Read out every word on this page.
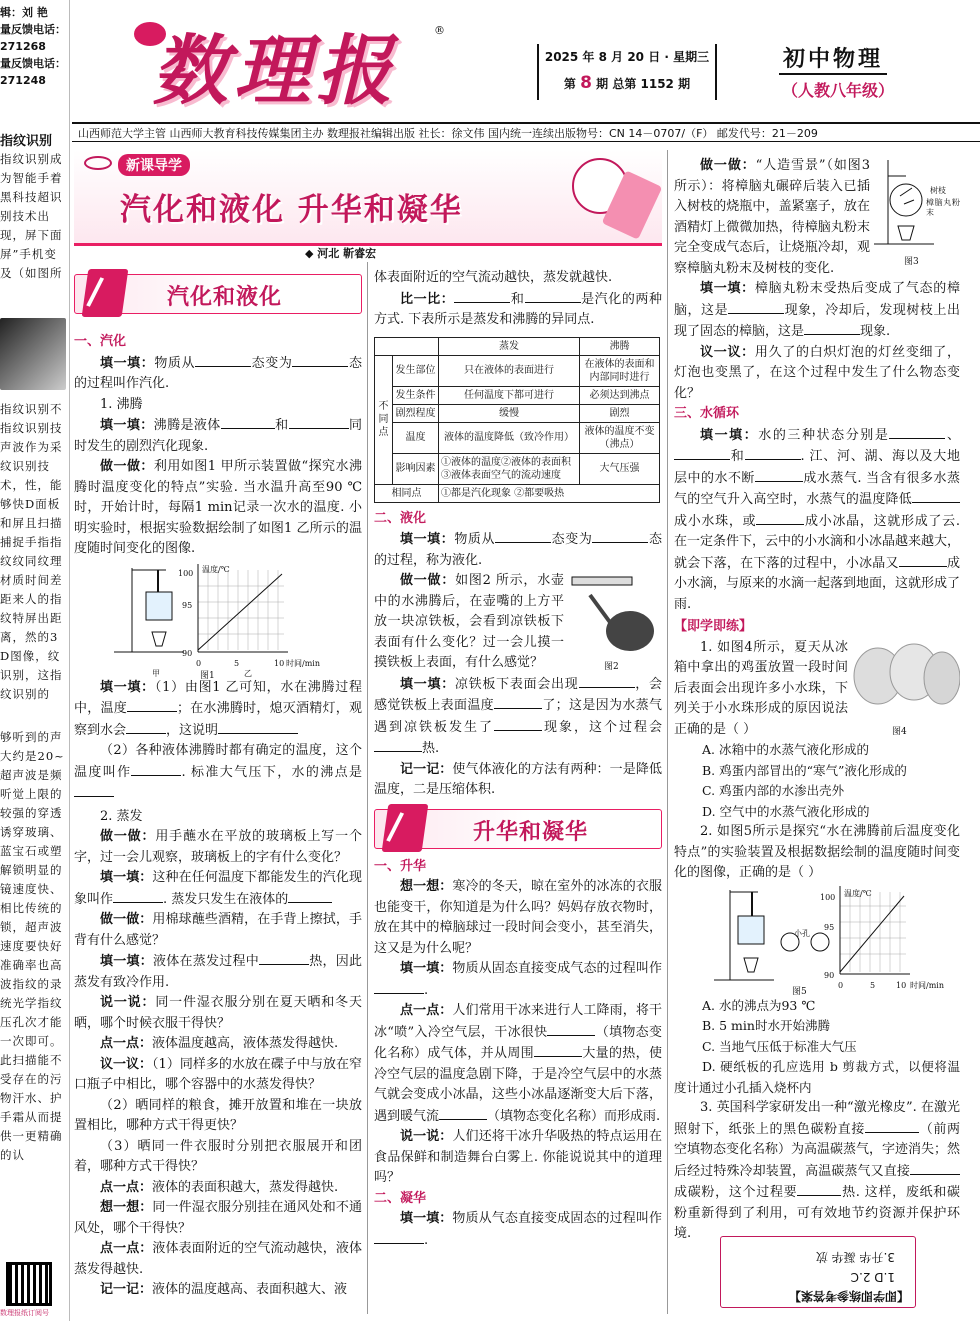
辑：刘 艳
量反馈电话：
271268
量反馈电话：
271248
指纹识别
指纹识别成为智能手着黑科技超识别技术出现，屏下面屏”手机变及（如图所
指纹识别不指纹识别技声波作为采纹识别技术，性，能够快D面板和屏且扫描捕捉手指指纹纹同纹理材质时间差距来人的指纹特屏出距离，然的3D图像，纹识别，这指纹识别的
够听到的声大约是20~超声波是频听觉上限的较强的穿透诱穿玻璃、蓝宝石或塑解锁明显的镜速度快、相比传统的锁，超声波速度要快好准确率也高波指纹的录统光学指纹压孔次才能一次即可。此扫描能不受存在的污物汗水、护手霜从而提供一更精确的认
数理报纸订阅号
数理报	®
2025 年 8 月 20 日 · 星期三
第 8 期 总第 1152 期
初中物理
（人教八年级）
山西师范大学主管 山西师大教育科技传媒集团主办 数理报社编辑出版 社长：徐文伟 国内统一连续出版物号：CN 14－0707/（F） 邮发代号：21－209
新课导学
汽化和液化 升华和凝华
◆ 河北 靳睿宏
汽化和液化
一、汽化

填一填：物质从	态变为	态的过程叫作汽化.

1. 沸腾

填一填：沸腾是液体	和	同时发生的剧烈汽化现象.

做一做：利用如图1 甲所示装置做“探究水沸腾时温度变化的特点”实验. 当水温升高至90 ℃ 时，开始计时，每隔1 min记录一次水的温度. 小明实验时，根据实验数据绘制了如图1 乙所示的温度随时间变化的图像.

温度/℃
100
95
90
0	5	10 时间/min
甲	乙
图1

填一填：（1）由图1 乙可知，水在沸腾过程中，温度	；在水沸腾时，熄灭酒精灯，观察到水会	，这说明

（2）各种液体沸腾时都有确定的温度，这个温度叫作	. 标准大气压下，水的沸点是

2. 蒸发

做一做：用手蘸水在平放的玻璃板上写一个字，过一会儿观察，玻璃板上的字有什么变化？

填一填：这种在任何温度下都能发生的汽化现象叫作	. 蒸发只发生在液体的

做一做：用棉球蘸些酒精，在手背上擦拭，手背有什么感觉？

填一填：液体在蒸发过程中	热，因此蒸发有致冷作用.

说一说：同一件湿衣服分别在夏天晒和冬天晒，哪个时候衣服干得快？

点一点：液体温度越高，液体蒸发得越快.

议一议：（1）同样多的水放在碟子中与放在窄口瓶子中相比，哪个容器中的水蒸发得快？

（2）晒同样的粮食，摊开放置和堆在一块放置相比，哪种方式干得更快？

（3）晒同一件衣服时分别把衣服展开和团着，哪种方式干得快？

点一点：液体的表面积越大，蒸发得越快.

想一想：同一件湿衣服分别挂在通风处和不通风处，哪个干得快？

点一点：液体表面附近的空气流动越快，液体蒸发得越快.

记一记：液体的温度越高、表面积越大、液

体表面附近的空气流动越快，蒸发就越快.

比一比：	和	是汽化的两种方式. 下表所示是蒸发和沸腾的异同点.

		蒸发	沸腾
不同点	发生部位	只在液体的表面进行	在液体的表面和内部同时进行
	发生条件	任何温度下都可进行	必须达到沸点
	剧烈程度	缓慢	剧烈
	温度	液体的温度降低（致冷作用）	液体的温度不变（沸点）
	影响因素	①液体的温度②液体的表面积③液体表面空气的流动速度	大气压强
相同点		①都是汽化现象 ②都要吸热	
二、液化

填一填：物质从	态变为	态的过程，称为液化.

图2

做一做：如图2 所示，水壶中的水沸腾后，在壶嘴的上方平放一块凉铁板，会看到凉铁板下表面有什么变化？过一会儿摸一摸铁板上表面，有什么感觉？

填一填：凉铁板下表面会出现	，会感觉铁板上表面温度	了；这是因为水蒸气遇到凉铁板发生了	现象，这个过程会热.

记一记：使气体液化的方法有两种：一是降低温度，二是压缩体积.

升华和凝华
一、升华

想一想：寒冷的冬天，晾在室外的冰冻的衣服也能变干，你知道是为什么吗？妈妈存放衣物时，放在其中的樟脑球过一段时间会变小，甚至消失，这又是为什么呢？

填一填：物质从固态直接变成气态的过程叫作.

点一点：人们常用干冰来进行人工降雨，将干冰“喷”入冷空气层，干冰很快	（填物态变化名称）成气体，并从周围	大量的热，使冷空气层的温度急剧下降，于是冷空气层中的水蒸气就会变成小冰晶，这些小冰晶逐渐变大后下落，遇到暖气流	（填物态变化名称）而形成雨.

说一说：人们还将干冰升华吸热的特点运用在食品保鲜和制造舞台白雾上. 你能说说其中的道理吗？

二、凝华

填一填：物质从气态直接变成固态的过程叫作.

树枝
樟脑丸粉末
图3

做一做：“人造雪景”（如图3所示）：将樟脑丸碾碎后装入已插入树枝的烧瓶中，盖紧塞子，放在酒精灯上微微加热，待樟脑丸粉末完全变成气态后，让烧瓶冷却，观察樟脑丸粉末及树枝的变化.

填一填：樟脑丸粉末受热后变成了气态的樟脑，这是	现象，冷却后，发现树枝上出现了固态的樟脑，这是	现象.

议一议：用久了的白炽灯泡的灯丝变细了，灯泡也变黑了，在这个过程中发生了什么物态变化？

三、水循环

填一填：水的三种状态分别是	、和	. 江、河、湖、海以及大地层中的水不断	成水蒸气. 当含有很多水蒸气的空气升入高空时，水蒸气的温度降低成小水珠，或	成小冰晶，这就形成了云. 在一定条件下，云中的小水滴和小冰晶越来越大，就会下落，在下落的过程中，小冰晶又	成小水滴，与原来的水滴一起落到地面，这就形成了雨.

【即学即练】
图4

1. 如图4所示，夏天从冰箱中拿出的鸡蛋放置一段时间后表面会出现许多小水珠，下列关于小水珠形成的原因说法正确的是（ ）

A. 冰箱中的水蒸气液化形成的
B. 鸡蛋内部冒出的“寒气”液化形成的
C. 鸡蛋内部的水渗出壳外
D. 空气中的水蒸气液化形成的

2. 如图5所示是探究“水在沸腾前后温度变化特点”的实验装置及根据数据绘制的温度随时间变化的图像，正确的是（ ）

小孔
温度/℃
100
95
90
0	5	10 时间/min
图5
A. 水的沸点为93 ℃
B. 5 min时水开始沸腾
C. 当地气压低于标准大气压
D. 硬纸板的孔应选用 b 剪裁方式，以便将温度计通过小孔插入烧杯内

3. 英国科学家研发出一种“激光橡皮”. 在激光照射下，纸张上的黑色碳粉直接	（前两空填物态变化名称）为高温碳蒸气，字迹消失；然后经过特殊冷却装置，高温碳蒸气又直接成碳粉，这个过程要	热. 这样，废纸和碳粉重新得到了利用，可有效地节约资源并保护环境.

【即学即练参考答案】
1.D 2.C
3.升华 凝华 放
